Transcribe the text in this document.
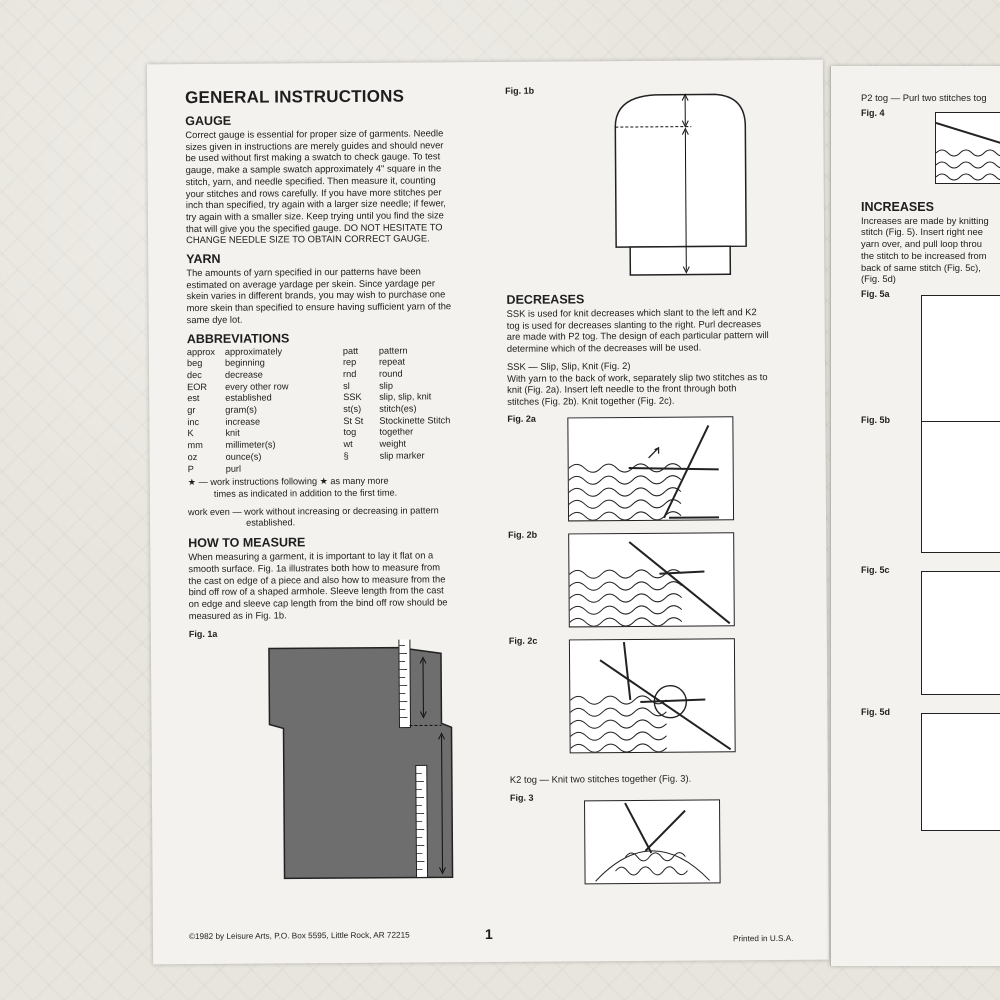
GENERAL INSTRUCTIONS
GAUGE

Correct gauge is essential for proper size of garments. Needle

sizes given in instructions are merely guides and should never

be used without first making a swatch to check gauge. To test

gauge, make a sample swatch approximately 4" square in the

stitch, yarn, and needle specified. Then measure it, counting

your stitches and rows carefully. If you have more stitches per

inch than specified, try again with a larger size needle; if fewer,

try again with a smaller size. Keep trying until you find the size

that will give you the specified gauge. DO NOT HESITATE TO

CHANGE NEEDLE SIZE TO OBTAIN CORRECT GAUGE.

YARN

The amounts of yarn specified in our patterns have been

estimated on average yardage per skein. Since yardage per

skein varies in different brands, you may wish to purchase one

more skein than specified to ensure having sufficient yarn of the

same dye lot.

ABBREVIATIONS
approx	approximately	patt	pattern
beg	beginning	rep	repeat
dec	decrease	rnd	round
EOR	every other row	sl	slip
est	established	SSK	slip, slip, knit
gr	gram(s)	st(s)	stitch(es)
inc	increase	St St	Stockinette Stitch
K	knit	tog	together
mm	millimeter(s)	wt	weight
oz	ounce(s)	§	slip marker
P	purl
★ — work instructions following ★ as many more
times as indicated in addition to the first time.
work even — work without increasing or decreasing in pattern
established.
HOW TO MEASURE

When measuring a garment, it is important to lay it flat on a

smooth surface. Fig. 1a illustrates both how to measure from

the cast on edge of a piece and also how to measure from the

bind off row of a shaped armhole. Sleeve length from the cast

on edge and sleeve cap length from the bind off row should be

measured as in Fig. 1b.

Fig. 1a
Fig. 1b
DECREASES

SSK is used for knit decreases which slant to the left and K2

tog is used for decreases slanting to the right. Purl decreases

are made with P2 tog. The design of each particular pattern will

determine which of the decreases will be used.

SSK — Slip, Slip, Knit (Fig. 2)

With yarn to the back of work, separately slip two stitches as to

knit (Fig. 2a). Insert left needle to the front through both

stitches (Fig. 2b). Knit together (Fig. 2c).

Fig. 2a
Fig. 2b
Fig. 2c
K2 tog — Knit two stitches together (Fig. 3).
Fig. 3
©1982 by Leisure Arts, P.O. Box 5595, Little Rock, AR 72215	1	Printed in U.S.A.

P2 tog — Purl two stitches tog

Fig. 4
INCREASES

Increases are made by knitting

stitch (Fig. 5). Insert right nee

yarn over, and pull loop throu

the stitch to be increased from

back of same stitch (Fig. 5c),

(Fig. 5d)

Fig. 5a
Fig. 5b
Fig. 5c
Fig. 5d
